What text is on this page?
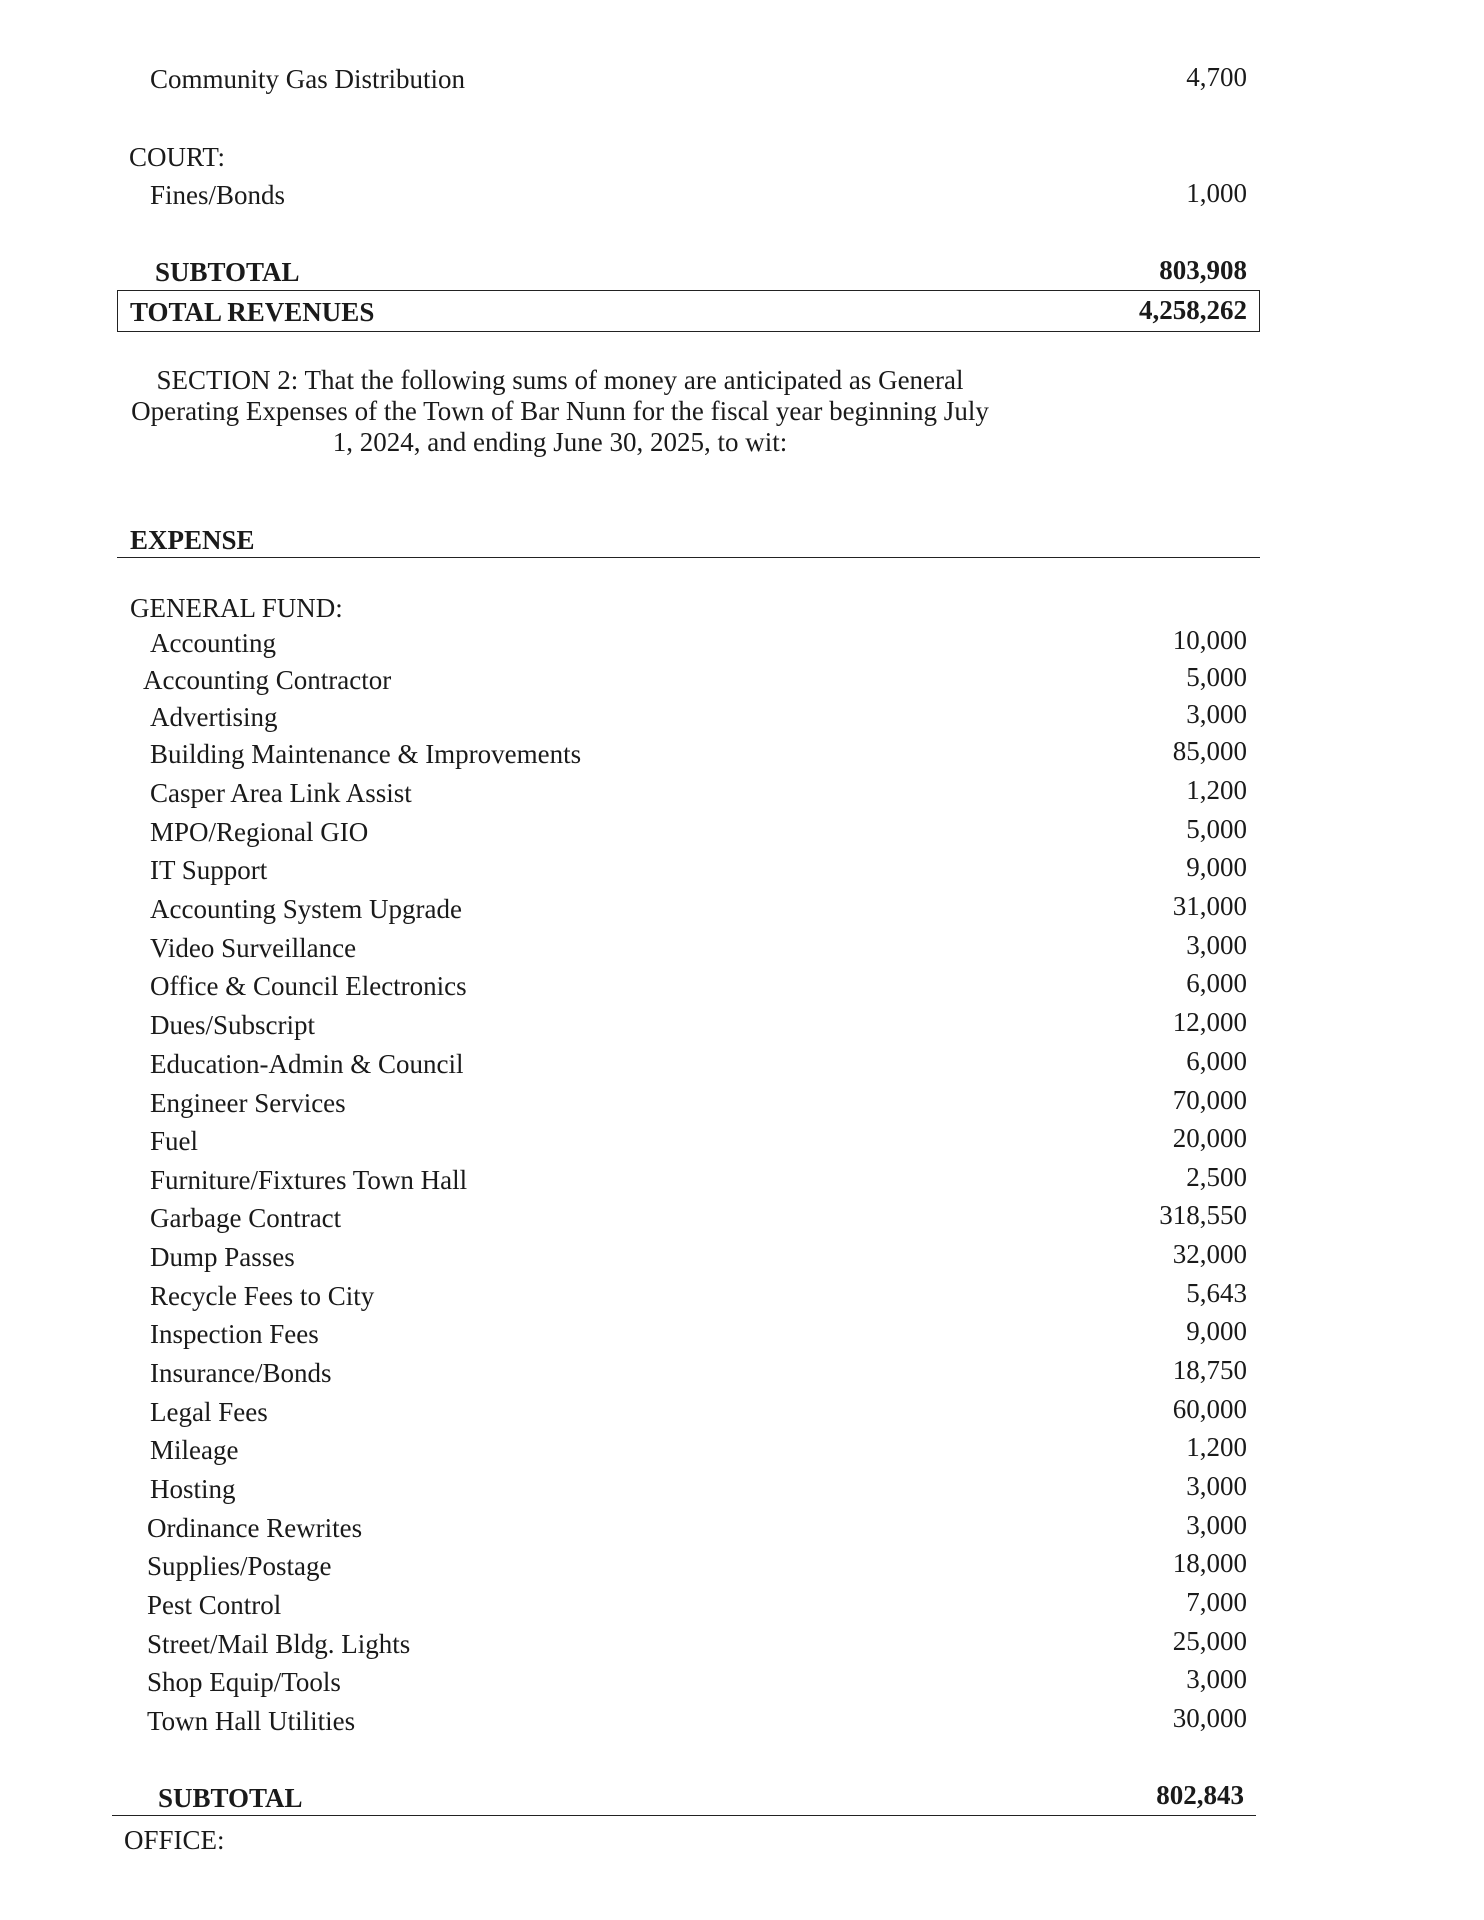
Community Gas Distribution	4,700
COURT:
Fines/Bonds	1,000
SUBTOTAL	803,908
TOTAL REVENUES	4,258,262
SECTION 2: That the following sums of money are anticipated as General Operating Expenses of the Town of Bar Nunn for the fiscal year beginning July 1, 2024, and ending June 30, 2025, to wit:
EXPENSE
GENERAL FUND:
Accounting	10,000
Accounting Contractor	5,000
Advertising	3,000
Building Maintenance & Improvements	85,000
Casper Area Link Assist	1,200
MPO/Regional GIO	5,000
IT Support	9,000
Accounting System Upgrade	31,000
Video Surveillance	3,000
Office & Council Electronics	6,000
Dues/Subscript	12,000
Education-Admin & Council	6,000
Engineer Services	70,000
Fuel	20,000
Furniture/Fixtures Town Hall	2,500
Garbage Contract	318,550
Dump Passes	32,000
Recycle Fees to City	5,643
Inspection Fees	9,000
Insurance/Bonds	18,750
Legal Fees	60,000
Mileage	1,200
Hosting	3,000
Ordinance Rewrites	3,000
Supplies/Postage	18,000
Pest Control	7,000
Street/Mail Bldg. Lights	25,000
Shop Equip/Tools	3,000
Town Hall Utilities	30,000
SUBTOTAL	802,843
OFFICE:
